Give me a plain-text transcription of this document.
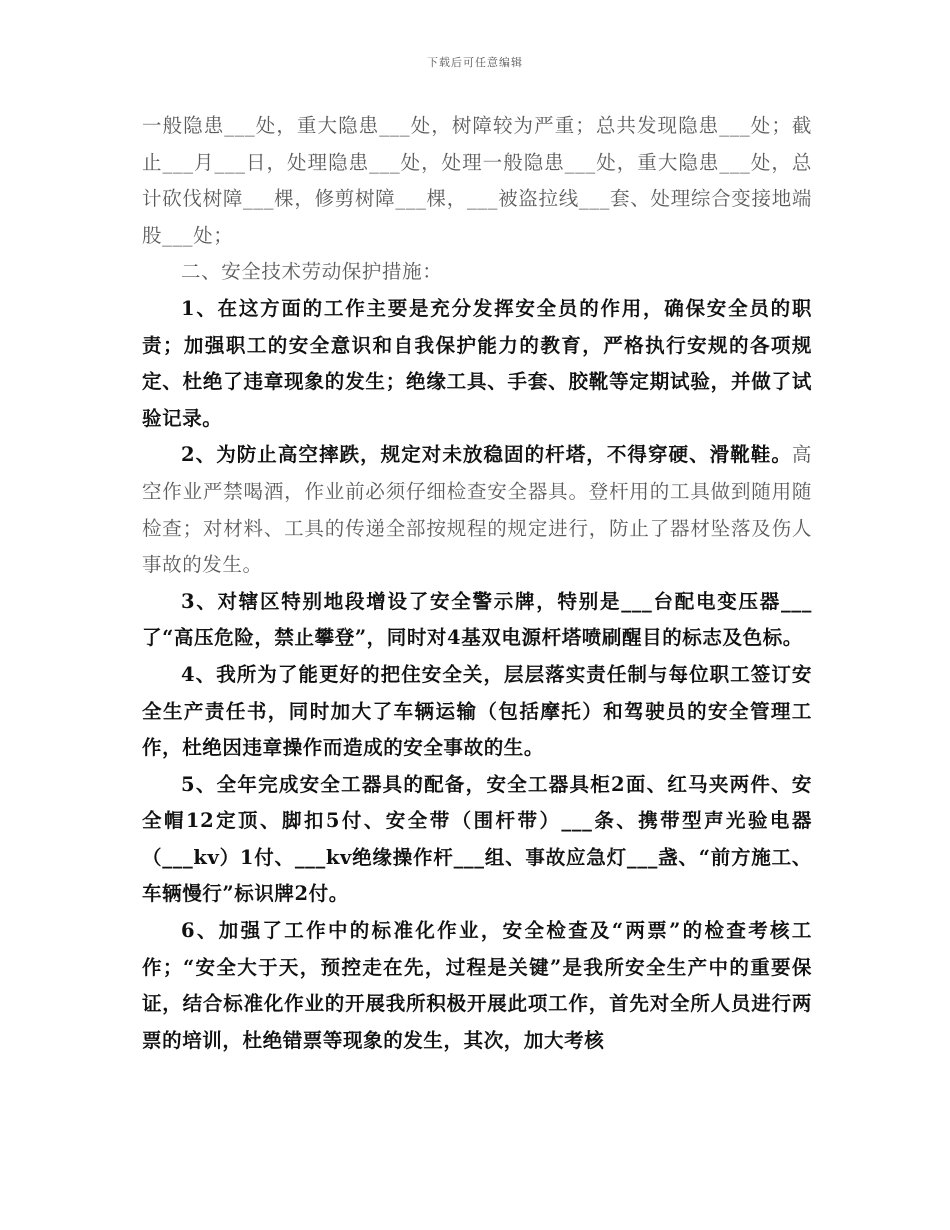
下载后可任意编辑

一般隐患___处，重大隐患___处，树障较为严重；总共发现隐患___处；截止___月___日，处理隐患___处，处理一般隐患___处，重大隐患___处，总计砍伐树障___棵，修剪树障___棵，___被盗拉线___套、处理综合变接地端股___处；

二、安全技术劳动保护措施：

1、在这方面的工作主要是充分发挥安全员的作用，确保安全员的职责；加强职工的安全意识和自我保护能力的教育，严格执行安规的各项规定、杜绝了违章现象的发生；绝缘工具、手套、胶靴等定期试验，并做了试验记录。

2、为防止高空摔跌，规定对未放稳固的杆塔，不得穿硬、滑靴鞋。高空作业严禁喝酒，作业前必须仔细检查安全器具。登杆用的工具做到随用随检查；对材料、工具的传递全部按规程的规定进行，防止了器材坠落及伤人事故的发生。

3、对辖区特别地段增设了安全警示牌，特别是___台配电变压器___了“高压危险，禁止攀登”，同时对4基双电源杆塔喷刷醒目的标志及色标。

4、我所为了能更好的把住安全关，层层落实责任制与每位职工签订安全生产责任书，同时加大了车辆运输（包括摩托）和驾驶员的安全管理工作，杜绝因违章操作而造成的安全事故的生。

5、全年完成安全工器具的配备，安全工器具柜2面、红马夹两件、安全帽12定顶、脚扣5付、安全带（围杆带）___条、携带型声光验电器（___kv）1付、___kv绝缘操作杆___组、事故应急灯___盏、“前方施工、车辆慢行”标识牌2付。

6、加强了工作中的标准化作业，安全检查及“两票”的检查考核工作；“安全大于天，预控走在先，过程是关键”是我所安全生产中的重要保证，结合标准化作业的开展我所积极开展此项工作，首先对全所人员进行两票的培训，杜绝错票等现象的发生，其次，加大考核
